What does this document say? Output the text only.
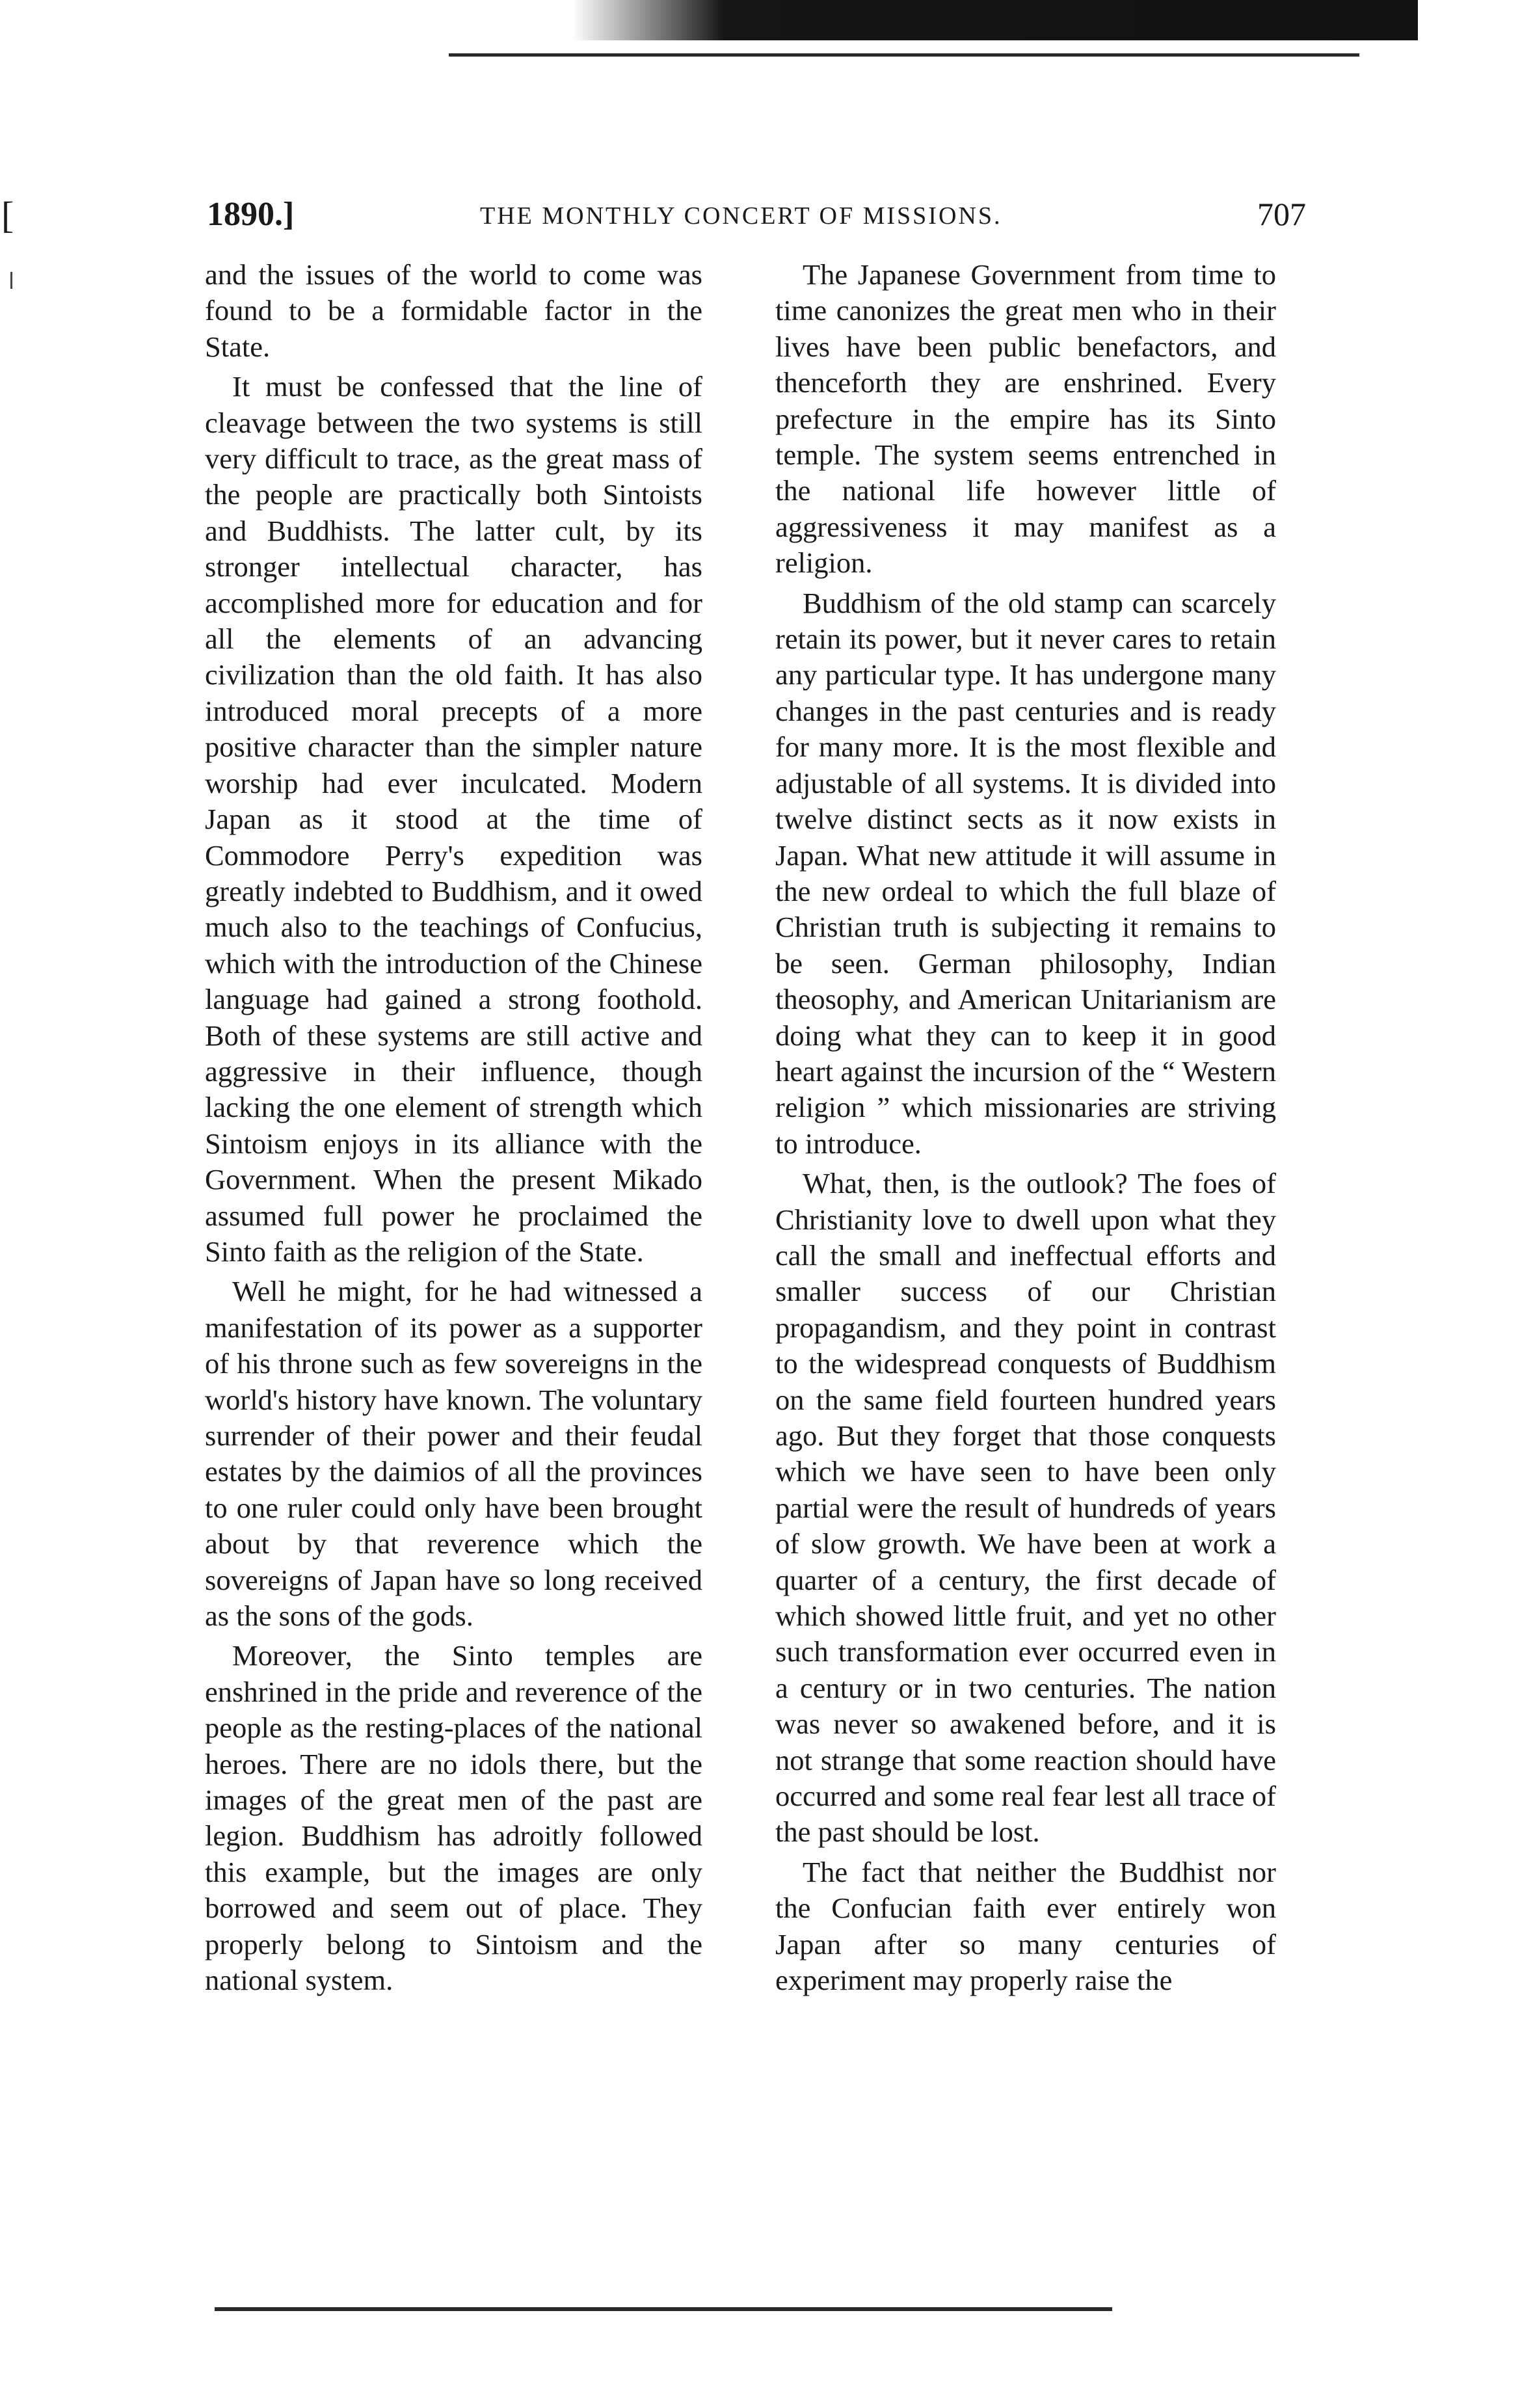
[	1890.]	THE MONTHLY CONCERT OF MISSIONS.	707

and the issues of the world to come was found to be a formidable factor in the State.

It must be confessed that the line of cleavage between the two systems is still very difficult to trace, as the great mass of the people are practically both Sintoists and Buddhists. The latter cult, by its stronger intellectual character, has accomplished more for education and for all the elements of an advancing civilization than the old faith. It has also introduced moral precepts of a more positive character than the simpler nature worship had ever inculcated. Modern Japan as it stood at the time of Commodore Perry's expedition was greatly indebted to Buddhism, and it owed much also to the teachings of Confucius, which with the introduction of the Chinese language had gained a strong foothold. Both of these systems are still active and aggressive in their influence, though lacking the one element of strength which Sintoism enjoys in its alliance with the Government. When the present Mikado assumed full power he proclaimed the Sinto faith as the religion of the State.

Well he might, for he had witnessed a manifestation of its power as a supporter of his throne such as few sovereigns in the world's history have known. The voluntary surrender of their power and their feudal estates by the daimios of all the provinces to one ruler could only have been brought about by that reverence which the sovereigns of Japan have so long received as the sons of the gods.

Moreover, the Sinto temples are enshrined in the pride and reverence of the people as the resting-places of the national heroes. There are no idols there, but the images of the great men of the past are legion. Buddhism has adroitly followed this example, but the images are only borrowed and seem out of place. They properly belong to Sintoism and the national system.

The Japanese Government from time to time canonizes the great men who in their lives have been public benefactors, and thenceforth they are enshrined. Every prefecture in the empire has its Sinto temple. The system seems entrenched in the national life however little of aggressiveness it may manifest as a religion.

Buddhism of the old stamp can scarcely retain its power, but it never cares to retain any particular type. It has undergone many changes in the past centuries and is ready for many more. It is the most flexible and adjustable of all systems. It is divided into twelve distinct sects as it now exists in Japan. What new attitude it will assume in the new ordeal to which the full blaze of Christian truth is subjecting it remains to be seen. German philosophy, Indian theosophy, and American Unitarianism are doing what they can to keep it in good heart against the incursion of the “ Western religion ” which missionaries are striving to introduce.

What, then, is the outlook? The foes of Christianity love to dwell upon what they call the small and ineffectual efforts and smaller success of our Christian propagandism, and they point in contrast to the widespread conquests of Buddhism on the same field fourteen hundred years ago. But they forget that those conquests which we have seen to have been only partial were the result of hundreds of years of slow growth. We have been at work a quarter of a century, the first decade of which showed little fruit, and yet no other such transformation ever occurred even in a century or in two centuries. The nation was never so awakened before, and it is not strange that some reaction should have occurred and some real fear lest all trace of the past should be lost.

The fact that neither the Buddhist nor the Confucian faith ever entirely won Japan after so many centuries of experiment may properly raise the
